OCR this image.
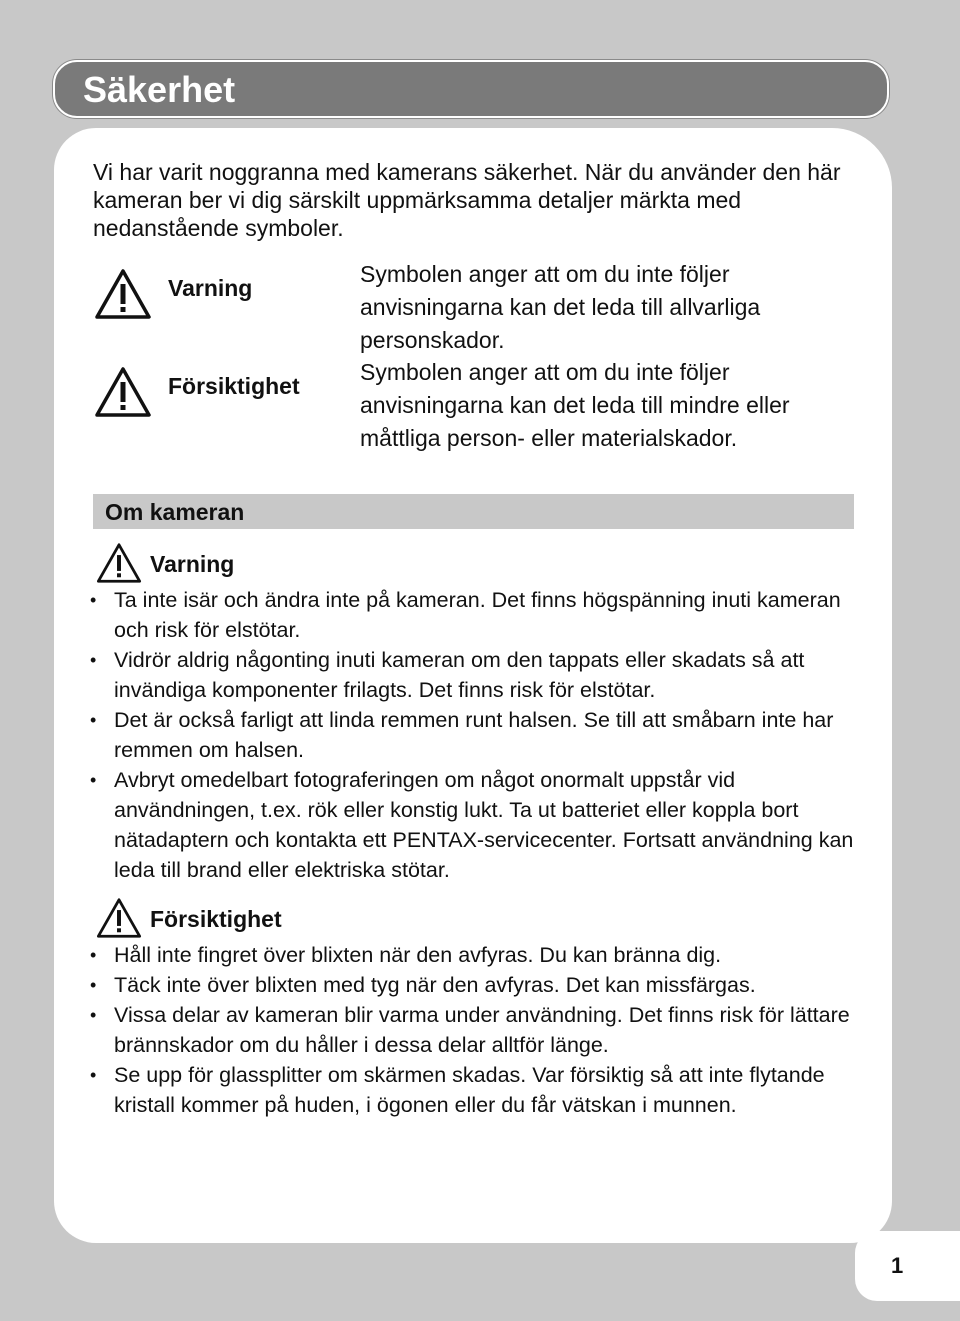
Säkerhet

Vi har varit noggranna med kamerans säkerhet. När du använder den här kameran ber vi dig särskilt uppmärksamma detaljer märkta med nedanstående symboler.

Varning

Symbolen anger att om du inte följer anvisningarna kan det leda till allvarliga personskador.

Försiktighet

Symbolen anger att om du inte följer anvisningarna kan det leda till mindre eller måttliga person- eller materialskador.

Om kameran
Varning
• Ta inte isär och ändra inte på kameran. Det finns högspänning inuti kameran och risk för elstötar.
• Vidrör aldrig någonting inuti kameran om den tappats eller skadats så att invändiga komponenter frilagts. Det finns risk för elstötar.
• Det är också farligt att linda remmen runt halsen. Se till att småbarn inte har remmen om halsen.
• Avbryt omedelbart fotograferingen om något onormalt uppstår vid användningen, t.ex. rök eller konstig lukt. Ta ut batteriet eller koppla bort nätadaptern och kontakta ett PENTAX-servicecenter. Fortsatt användning kan leda till brand eller elektriska stötar.
Försiktighet
• Håll inte fingret över blixten när den avfyras. Du kan bränna dig.
• Täck inte över blixten med tyg när den avfyras. Det kan missfärgas.
• Vissa delar av kameran blir varma under användning. Det finns risk för lättare brännskador om du håller i dessa delar alltför länge.
• Se upp för glassplitter om skärmen skadas. Var försiktig så att inte flytande kristall kommer på huden, i ögonen eller du får vätskan i munnen.
1
